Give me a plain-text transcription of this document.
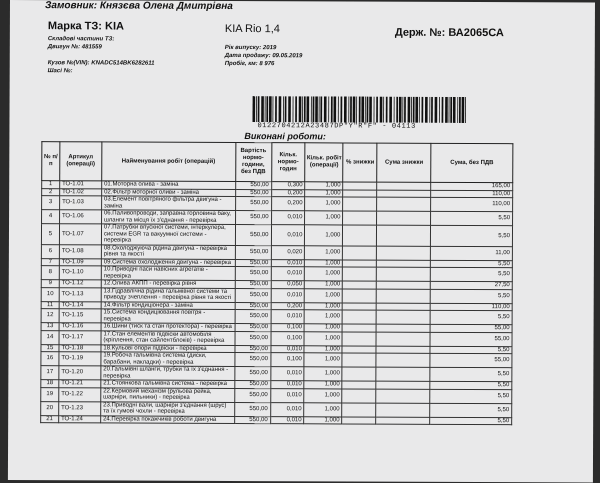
Замовник: Князєва Олена Дмитрівна
Марка ТЗ: KIA
Складові частини ТЗ:
Двигун №: 481559
KIA Rio 1,4
Рік випуску: 2019
Дата продажу: 09.05.2019
Пробіг, км: 8 976
Держ. №: ВА2065СА
Кузов №(VIN): KNADC514BK6282611
Шасі №:
0122704212А23487DP"Y"R"F" - 04113
Виконані роботи:
№ п/п	Артикул (операції)	Найменування робіт (операцій)	Вартість нормо-години, без ПДВ	Кільк. нормо-годин	Кільк. робіт (операції)	% знижки	Сума знижки	Сума, без ПДВ
1	ТО-1.01	01.Моторна олива - заміна	550,00	0,300	1,000			165,00
2	ТО-1.02	02.Фільтр моторної оливи - заміна	550,00	0,200	1,000			110,00
3	ТО-1.03	03.Елемент повітряного фільтра двигуна - заміна	550,00	0,200	1,000			110,00
4	ТО-1.06	06.Паливопроводи, заправна горловина баку, шланги та місця їх з'єднання - перевірка	550,00	0,010	1,000			5,50
5	ТО-1.07	07.Патрубки впускної системи, інтеркулера, системи EGR та вакуумної системи - перевірка	550,00	0,010	1,000			5,50
6	ТО-1.08	08.Охолоджуюча рідина двигуна - перевірка рівня та якості	550,00	0,020	1,000			11,00
7	ТО-1.09	09.Система охолодження двигуна - перевірка	550,00	0,010	1,000			5,50
8	ТО-1.10	10.Приводні паси навісних агрегатів - перевірка	550,00	0,010	1,000			5,50
9	ТО-1.12	12.Олива АКПП - перевірка рівня	550,00	0,050	1,000			27,50
10	ТО-1.13	13.Гідравлічна рідина гальмівної системи та приводу зчеплення - перевірка рівня та якості	550,00	0,010	1,000			5,50
11	ТО-1.14	14.Фільтр кондиціонера - заміна	550,00	0,200	1,000			110,00
12	ТО-1.15	15.Система кондиціювання повітря - перевірка	550,00	0,010	1,000			5,50
13	ТО-1.16	16.Шини (тиск та стан протектора) - перевірка	550,00	0,100	1,000			55,00
14	ТО-1.17	17.Стан елементів підвіски автомобіля (кріплення, стан сайлентблоків) - перевірка	550,00	0,100	1,000			55,00
15	ТО-1.18	18.Кульові опори підвіски - перевірка	550,00	0,010	1,000			5,50
16	ТО-1.19	19.Робоча гальмівна система (диски, барабани, накладки) - перевірка	550,00	0,100	1,000			55,00
17	ТО-1.20	20.Гальмівні шланги, трубки та їх з'єднання - перевірка	550,00	0,010	1,000			5,50
18	ТО-1.21	21.Стоянкова гальмівна система - перевірка	550,00	0,010	1,000			5,50
19	ТО-1.22	22.Кермовий механізм (рульова рейка, шарніри, пильники) - перевірка	550,00	0,010	1,000			5,50
20	ТО-1.23	23.Приводні вали, шарніри з'єднання (шрус) та їх гумові чохли - перевірка	550,00	0,010	1,000			5,50
21	ТО-1.24	24.Перевірка покажчиків роботи двигуна	550,00	0,010	1,000			5,50
